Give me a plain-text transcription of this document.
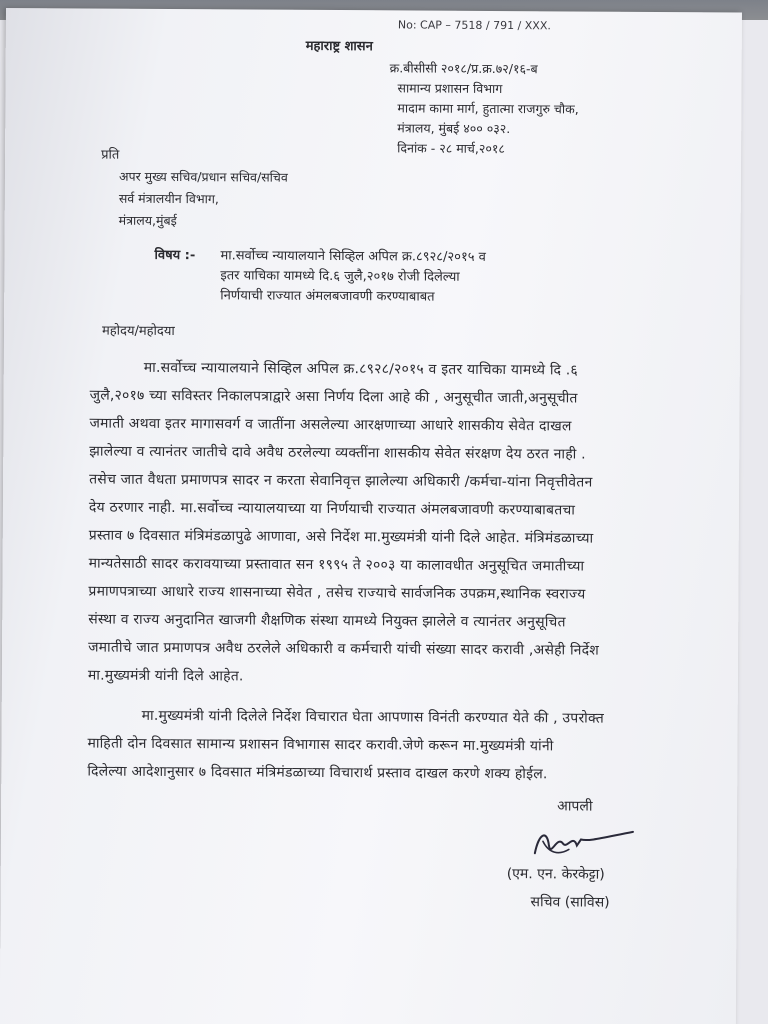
No: CAP – 7518 / 791 / XXX.
महाराष्ट्र शासन
क्र.बीसीसी २०१८/प्र.क्र.७२/१६-ब
सामान्य प्रशासन विभाग
मादाम कामा मार्ग, हुतात्मा राजगुरु चौक,
मंत्रालय, मुंबई ४०० ०३२.
दिनांक - २८ मार्च,२०१८
प्रति
अपर मुख्य सचिव/प्रधान सचिव/सचिव
सर्व मंत्रालयीन विभाग,
मंत्रालय,मुंबई
विषय :- मा.सर्वोच्च न्यायालयाने सिव्हिल अपिल क्र.८९२८/२०१५ व
इतर याचिका यामध्ये दि.६ जुलै,२०१७ रोजी दिलेल्या
निर्णयाची राज्यात अंमलबजावणी करण्याबाबत
महोदय/महोदया
मा.सर्वोच्च न्यायालयाने सिव्हिल अपिल क्र.८९२८/२०१५ व इतर याचिका यामध्ये दि .६
जुलै,२०१७ च्या सविस्तर निकालपत्राद्वारे असा निर्णय दिला आहे की , अनुसूचीत जाती,अनुसूचीत
जमाती अथवा इतर मागासवर्ग व जातींना असलेल्या आरक्षणाच्या आधारे शासकीय सेवेत दाखल
झालेल्या व त्यानंतर जातीचे दावे अवैध ठरलेल्या व्यक्तींना शासकीय सेवेत संरक्षण देय ठरत नाही .
तसेच जात वैधता प्रमाणपत्र सादर न करता सेवानिवृत्त झालेल्या अधिकारी /कर्मचा-यांना निवृत्तीवेतन
देय ठरणार नाही. मा.सर्वोच्च न्यायालयाच्या या निर्णयाची राज्यात अंमलबजावणी करण्याबाबतचा
प्रस्ताव ७ दिवसात मंत्रिमंडळापुढे आणावा, असे निर्देश मा.मुख्यमंत्री यांनी दिले आहेत. मंत्रिमंडळाच्या
मान्यतेसाठी सादर करावयाच्या प्रस्तावात सन १९९५ ते २००३ या कालावधीत अनुसूचित जमातीच्या
प्रमाणपत्राच्या आधारे राज्य शासनाच्या सेवेत , तसेच राज्याचे सार्वजनिक उपक्रम,स्थानिक स्वराज्य
संस्था व राज्य अनुदानित खाजगी शैक्षणिक संस्था यामध्ये नियुक्त झालेले व त्यानंतर अनुसूचित
जमातीचे जात प्रमाणपत्र अवैध ठरलेले अधिकारी व कर्मचारी यांची संख्या सादर करावी ,असेही निर्देश
मा.मुख्यमंत्री यांनी दिले आहेत.
मा.मुख्यमंत्री यांनी दिलेले निर्देश विचारात घेता आपणास विनंती करण्यात येते की , उपरोक्त
माहिती दोन दिवसात सामान्य प्रशासन विभागास सादर करावी.जेणे करून मा.मुख्यमंत्री यांनी
दिलेल्या आदेशानुसार ७ दिवसात मंत्रिमंडळाच्या विचारार्थ प्रस्ताव दाखल करणे शक्य होईल.
आपली
(एम. एन. केरकेट्टा)
सचिव (साविस)
